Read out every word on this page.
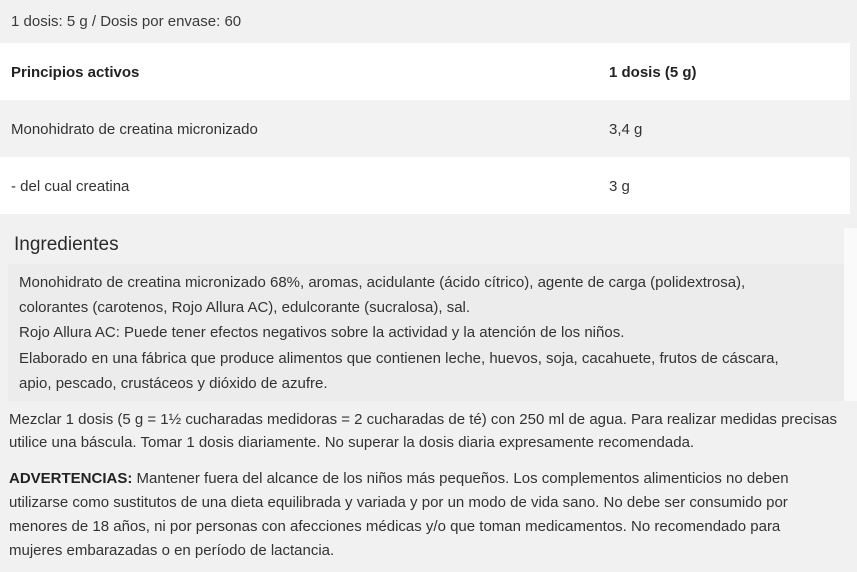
1 dosis: 5 g / Dosis por envase: 60
Principios activos	1 dosis (5 g)
Monohidrato de creatina micronizado	3,4 g
- del cual creatina	3 g
Ingredientes

Monohidrato de creatina micronizado 68%, aromas, acidulante (ácido cítrico), agente de carga (polidextrosa),

colorantes (carotenos, Rojo Allura AC), edulcorante (sucralosa), sal.

Rojo Allura AC: Puede tener efectos negativos sobre la actividad y la atención de los niños.

Elaborado en una fábrica que produce alimentos que contienen leche, huevos, soja, cacahuete, frutos de cáscara,

apio, pescado, crustáceos y dióxido de azufre.

Mezclar 1 dosis (5 g = 1½ cucharadas medidoras = 2 cucharadas de té) con 250 ml de agua. Para realizar medidas precisas

utilice una báscula. Tomar 1 dosis diariamente. No superar la dosis diaria expresamente recomendada.

ADVERTENCIAS: Mantener fuera del alcance de los niños más pequeños. Los complementos alimenticios no deben

utilizarse como sustitutos de una dieta equilibrada y variada y por un modo de vida sano. No debe ser consumido por

menores de 18 años, ni por personas con afecciones médicas y/o que toman medicamentos. No recomendado para

mujeres embarazadas o en período de lactancia.
